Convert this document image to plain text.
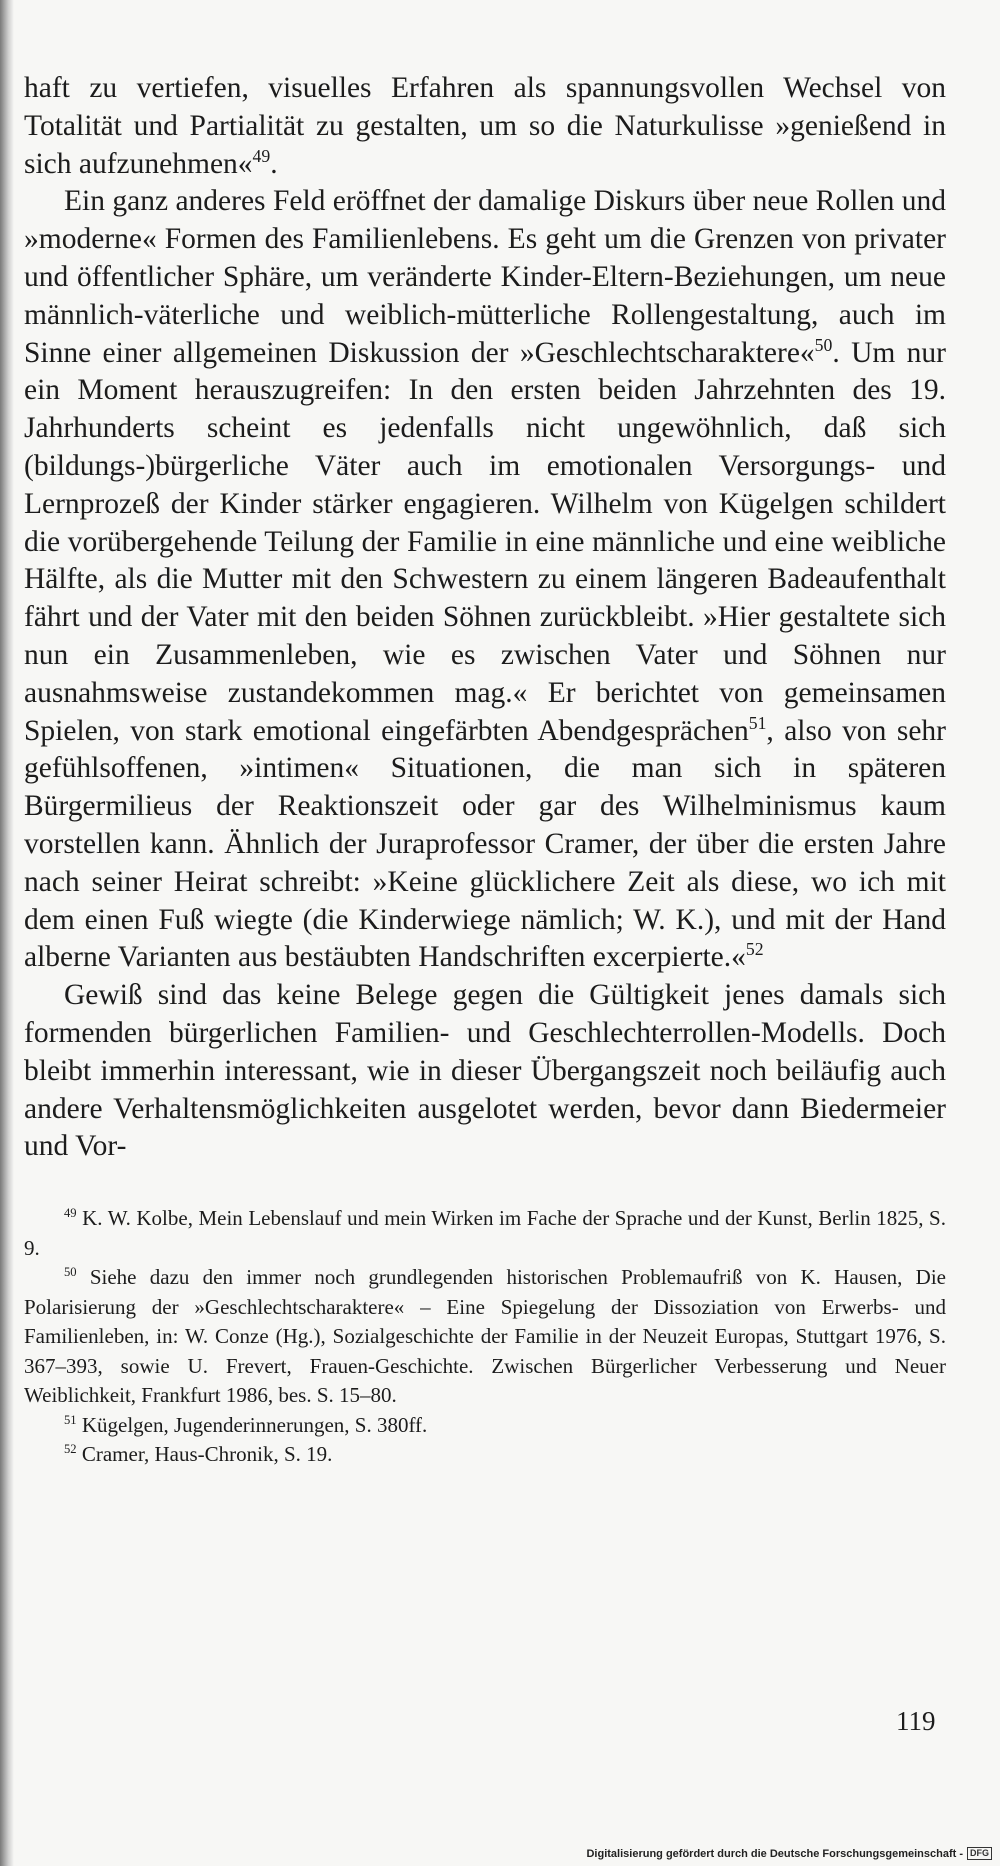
haft zu vertiefen, visuelles Erfahren als spannungsvollen Wechsel von Totalität und Partialität zu gestalten, um so die Naturkulisse »genießend in sich aufzunehmen«$^{49}$.

Ein ganz anderes Feld eröffnet der damalige Diskurs über neue Rollen und »moderne« Formen des Familienlebens. Es geht um die Grenzen von privater und öffentlicher Sphäre, um veränderte Kinder-Eltern-Beziehungen, um neue männlich-väterliche und weiblich-mütterliche Rollengestaltung, auch im Sinne einer allgemeinen Diskussion der »Geschlechtscharaktere«$^{50}$. Um nur ein Moment herauszugreifen: In den ersten beiden Jahrzehnten des 19. Jahrhunderts scheint es jedenfalls nicht ungewöhnlich, daß sich (bildungs-)bürgerliche Väter auch im emotionalen Versorgungs- und Lernprozeß der Kinder stärker engagieren. Wilhelm von Kügelgen schildert die vorübergehende Teilung der Familie in eine männliche und eine weibliche Hälfte, als die Mutter mit den Schwestern zu einem längeren Badeaufenthalt fährt und der Vater mit den beiden Söhnen zurückbleibt. »Hier gestaltete sich nun ein Zusammenleben, wie es zwischen Vater und Söhnen nur ausnahmsweise zustandekommen mag.« Er berichtet von gemeinsamen Spielen, von stark emotional eingefärbten Abendgesprächen$^{51}$, also von sehr gefühlsoffenen, »intimen« Situationen, die man sich in späteren Bürgermilieus der Reaktionszeit oder gar des Wilhelminismus kaum vorstellen kann. Ähnlich der Juraprofessor Cramer, der über die ersten Jahre nach seiner Heirat schreibt: »Keine glücklichere Zeit als diese, wo ich mit dem einen Fuß wiegte (die Kinderwiege nämlich; W. K.), und mit der Hand alberne Varianten aus bestäubten Handschriften excerpierte.«$^{52}$

Gewiß sind das keine Belege gegen die Gültigkeit jenes damals sich formenden bürgerlichen Familien- und Geschlechterrollen-Modells. Doch bleibt immerhin interessant, wie in dieser Übergangszeit noch beiläufig auch andere Verhaltensmöglichkeiten ausgelotet werden, bevor dann Biedermeier und Vor-

$^{49}$ K. W. Kolbe, Mein Lebenslauf und mein Wirken im Fache der Sprache und der Kunst, Berlin 1825, S. 9.

$^{50}$ Siehe dazu den immer noch grundlegenden historischen Problemaufriß von K. Hausen, Die Polarisierung der »Geschlechtscharaktere« – Eine Spiegelung der Dissoziation von Erwerbs- und Familienleben, in: W. Conze (Hg.), Sozialgeschichte der Familie in der Neuzeit Europas, Stuttgart 1976, S. 367–393, sowie U. Frevert, Frauen-Geschichte. Zwischen Bürgerlicher Verbesserung und Neuer Weiblichkeit, Frankfurt 1986, bes. S. 15–80.

$^{51}$ Kügelgen, Jugenderinnerungen, S. 380ff.

$^{52}$ Cramer, Haus-Chronik, S. 19.

119
Digitalisierung gefördert durch die Deutsche Forschungsgemeinschaft - DFG
